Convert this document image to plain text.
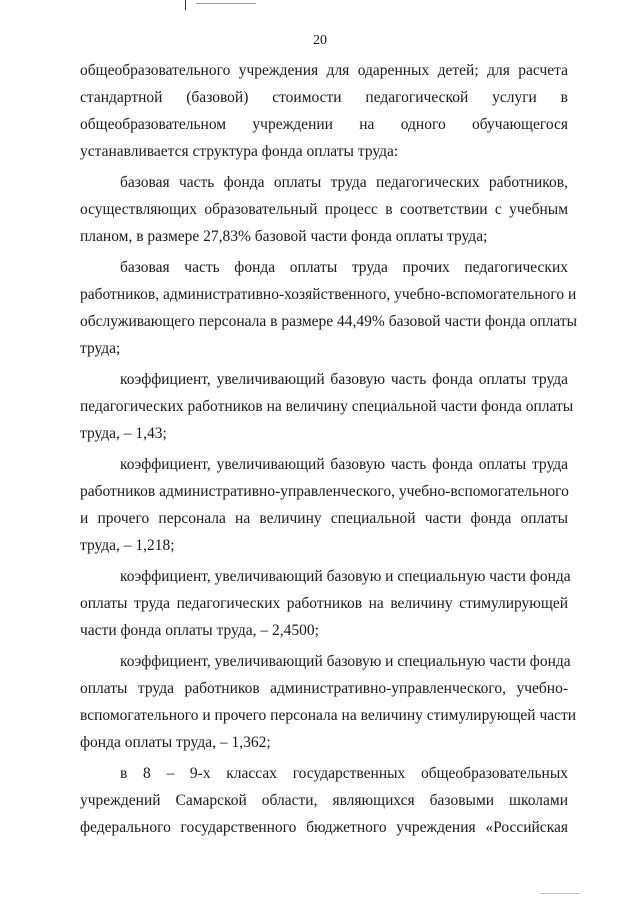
20
общеобразовательного учреждения для одаренных детей; для расчета
стандартной (базовой) стоимости педагогической услуги в
общеобразовательном учреждении на одного обучающегося
устанавливается структура фонда оплаты труда:
базовая часть фонда оплаты труда педагогических работников,
осуществляющих образовательный процесс в соответствии с учебным
планом, в размере 27,83% базовой части фонда оплаты труда;
базовая часть фонда оплаты труда прочих педагогических
работников, административно-хозяйственного, учебно-вспомогательного и
обслуживающего персонала в размере 44,49% базовой части фонда оплаты
труда;
коэффициент, увеличивающий базовую часть фонда оплаты труда
педагогических работников на величину специальной части фонда оплаты
труда, – 1,43;
коэффициент, увеличивающий базовую часть фонда оплаты труда
работников административно-управленческого, учебно-вспомогательного
и прочего персонала на величину специальной части фонда оплаты
труда, – 1,218;
коэффициент, увеличивающий базовую и специальную части фонда
оплаты труда педагогических работников на величину стимулирующей
части фонда оплаты труда, – 2,4500;
коэффициент, увеличивающий базовую и специальную части фонда
оплаты труда работников административно-управленческого, учебно-
вспомогательного и прочего персонала на величину стимулирующей части
фонда оплаты труда, – 1,362;
в 8 – 9-х классах государственных общеобразовательных
учреждений Самарской области, являющихся базовыми школами
федерального государственного бюджетного учреждения «Российская
